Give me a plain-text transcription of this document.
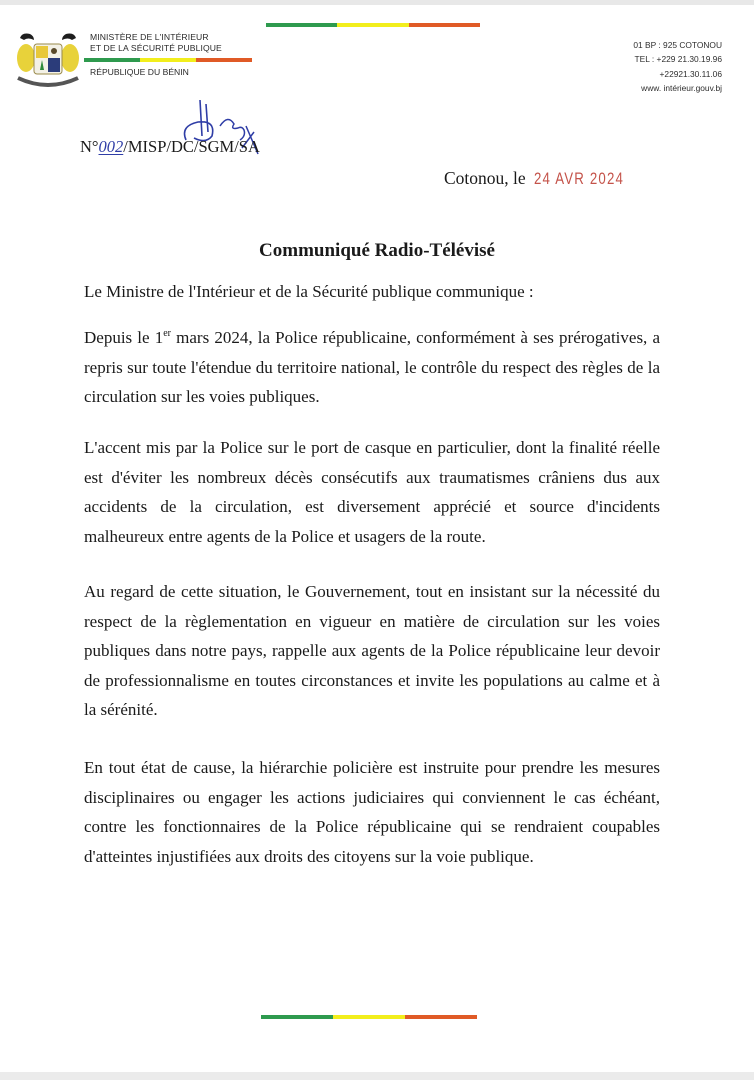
MINISTÈRE DE L'INTÉRIEUR
ET DE LA SÉCURITÉ PUBLIQUE
RÉPUBLIQUE DU BÉNIN
01 BP : 925 COTONOU
TEL : +229 21.30.19.96
+22921.30.11.06
www. intérieur.gouv.bj
N°002/MISP/DC/SGM/SA
Cotonou, le 24 AVR 2024
Communiqué Radio-Télévisé
Le Ministre de l'Intérieur et de la Sécurité publique communique :
Depuis le 1er mars 2024, la Police républicaine, conformément à ses prérogatives, a repris sur toute l'étendue du territoire national, le contrôle du respect des règles de la circulation sur les voies publiques.
L'accent mis par la Police sur le port de casque en particulier, dont la finalité réelle est d'éviter les nombreux décès consécutifs aux traumatismes crâniens dus aux accidents de la circulation, est diversement apprécié et source d'incidents malheureux entre agents de la Police et usagers de la route.
Au regard de cette situation, le Gouvernement, tout en insistant sur la nécessité du respect de la règlementation en vigueur en matière de circulation sur les voies publiques dans notre pays, rappelle aux agents de la Police républicaine leur devoir de professionnalisme en toutes circonstances et invite les populations au calme et à la sérénité.
En tout état de cause, la hiérarchie policière est instruite pour prendre les mesures disciplinaires ou engager les actions judiciaires qui conviennent le cas échéant, contre les fonctionnaires de la Police républicaine qui se rendraient coupables d'atteintes injustifiées aux droits des citoyens sur la voie publique.
